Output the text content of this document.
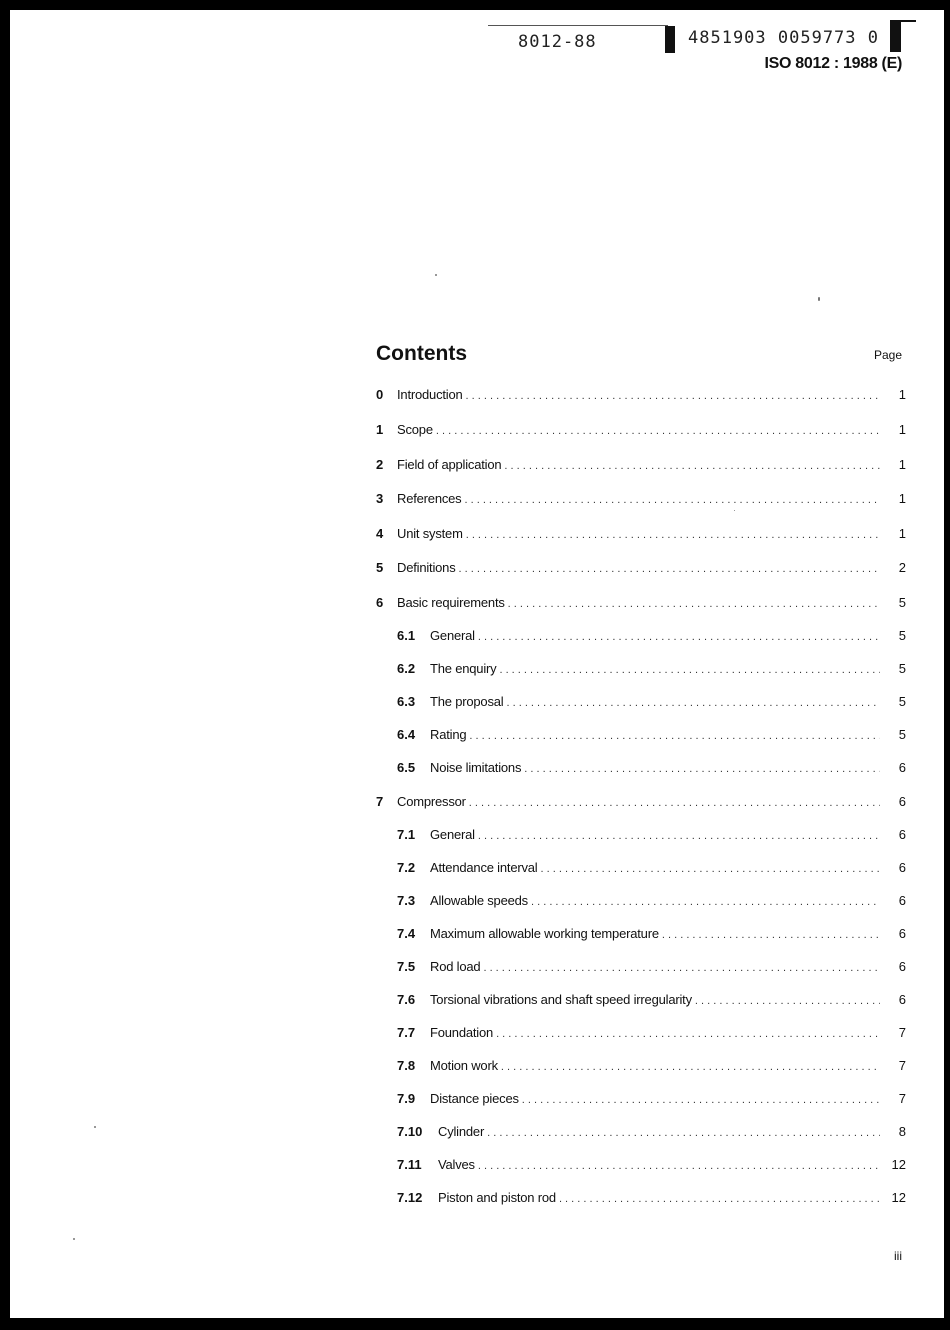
8012-88	4851903 0059773 0
ISO 8012 : 1988 (E)
Contents	Page
0	Introduction . . .	1
1	Scope . . .	1
2	Field of application . . .	1
3	References . . .	1
4	Unit system . . .	1
5	Definitions . . .	2
6	Basic requirements . . .	5
6.1	General . . .	5
6.2	The enquiry . . .	5
6.3	The proposal . . .	5
6.4	Rating . . .	5
6.5	Noise limitations . . .	6
7	Compressor . . .	6
7.1	General . . .	6
7.2	Attendance interval . . .	6
7.3	Allowable speeds . . .	6
7.4	Maximum allowable working temperature . . .	6
7.5	Rod load . . .	6
7.6	Torsional vibrations and shaft speed irregularity . . .	6
7.7	Foundation . . .	7
7.8	Motion work . . .	7
7.9	Distance pieces . . .	7
7.10	Cylinder . . .	8
7.11	Valves . . .	12
7.12	Piston and piston rod . . .	12
iii
